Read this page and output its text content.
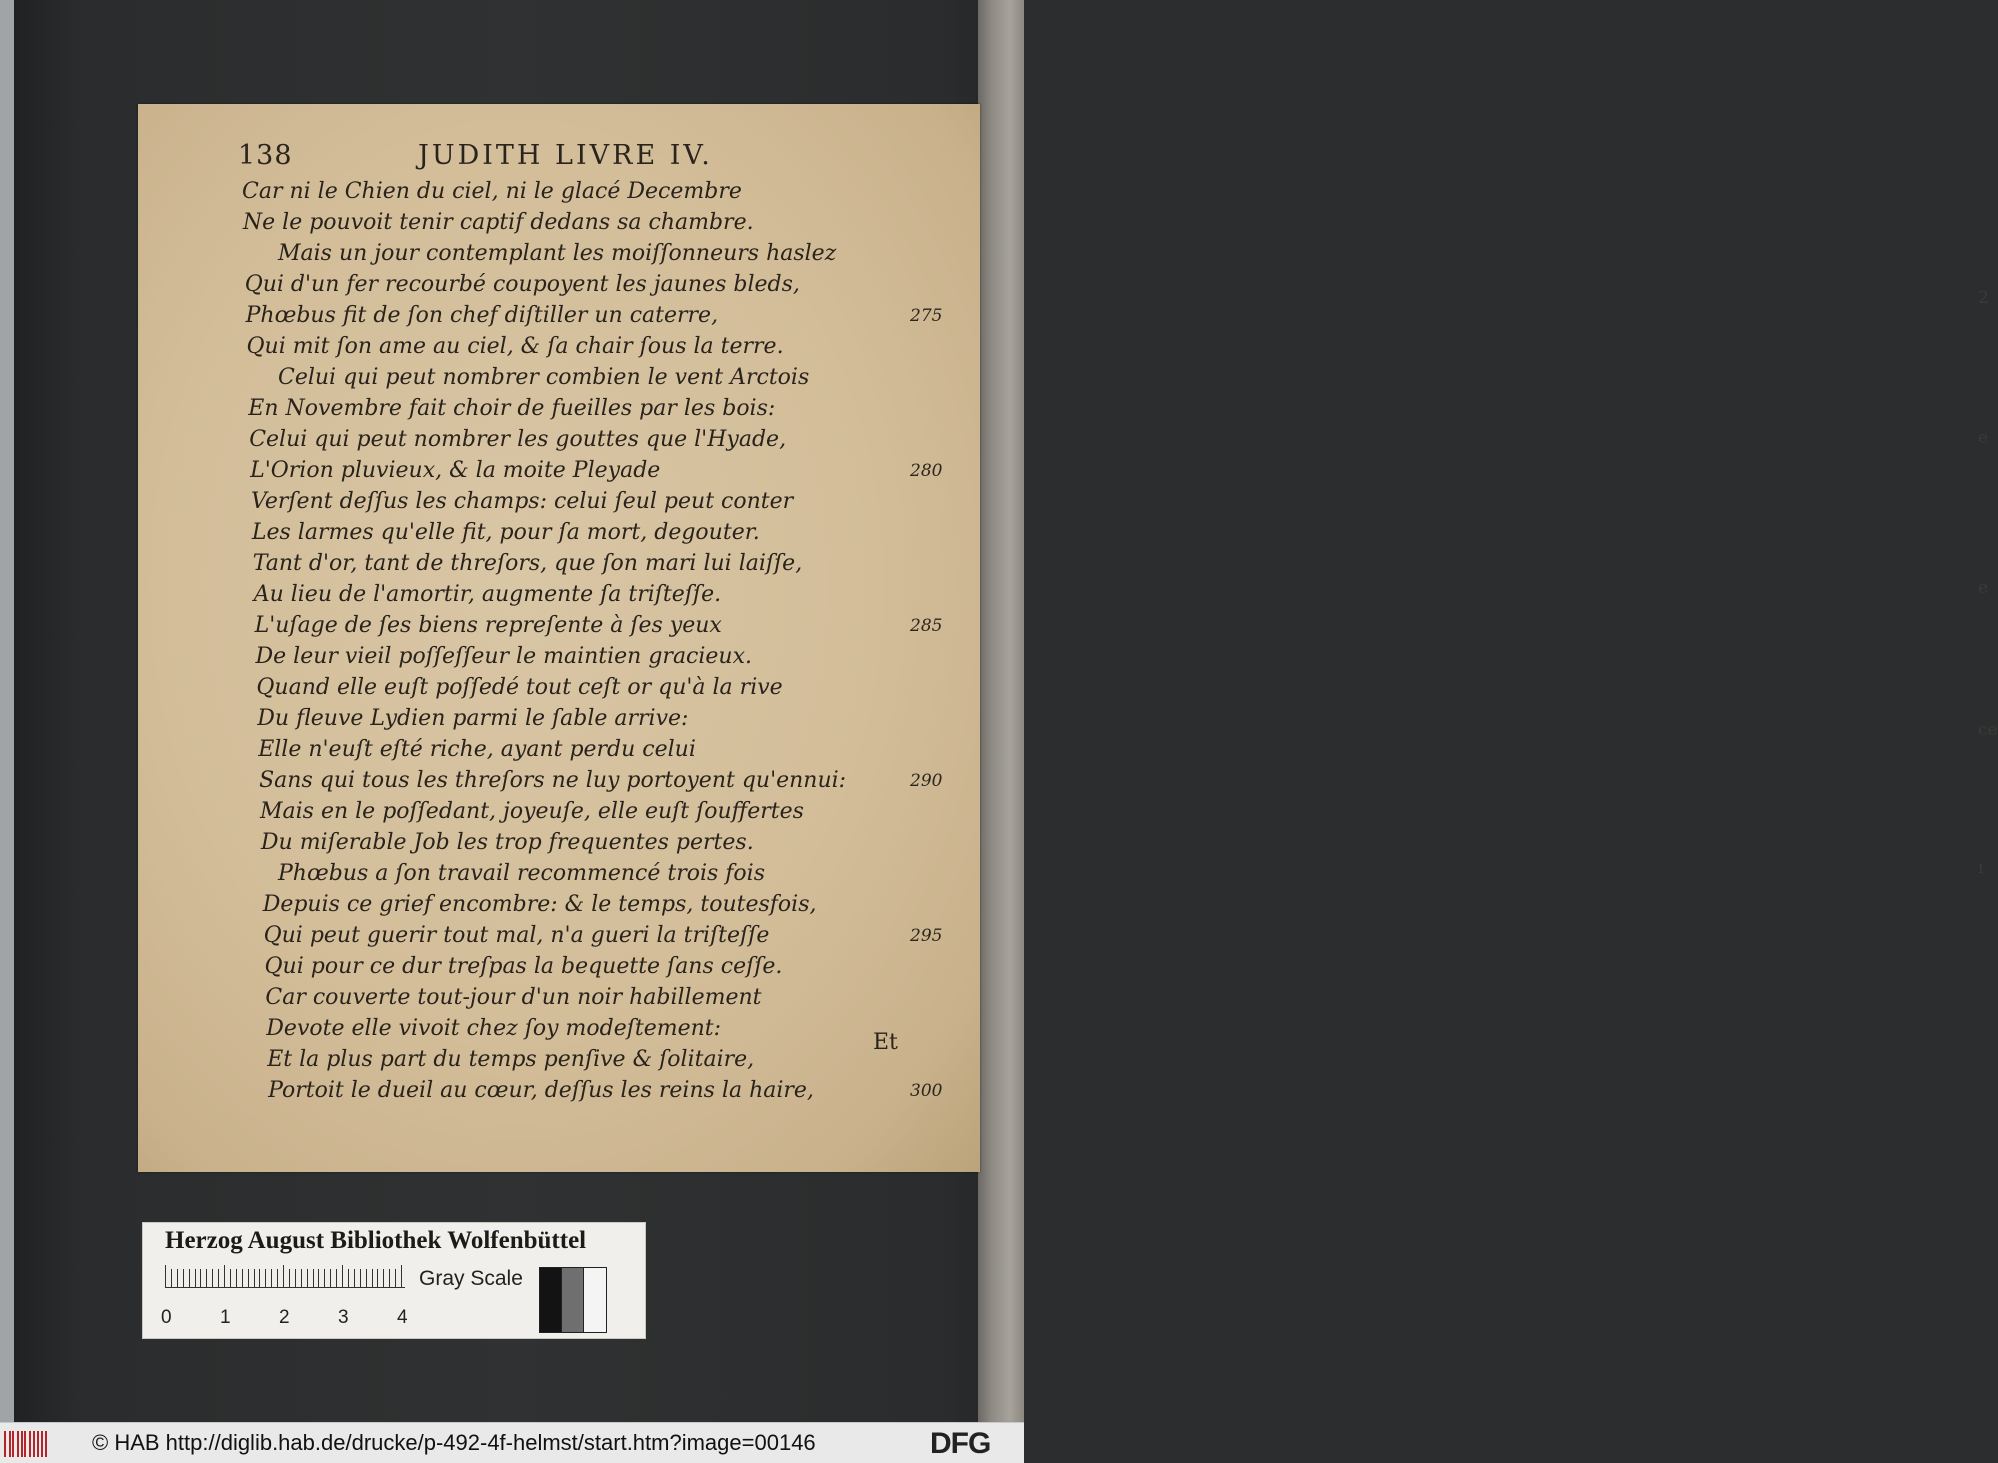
2
e
e
ce
ı
138	JUDITH LIVRE IV.
Car ni le Chien du ciel, ni le glacé Decembre
Ne le pouvoit tenir captif dedans sa chambre.
Mais un jour contemplant les moiſſonneurs haslez
Qui d'un fer recourbé coupoyent les jaunes bleds,
Phœbus fit de ſon chef diſtiller un caterre,
Qui mit ſon ame au ciel, & ſa chair ſous la terre.
Celui qui peut nombrer combien le vent Arctois
En Novembre fait choir de fueilles par les bois:
Celui qui peut nombrer les gouttes que l'Hyade,
L'Orion pluvieux, & la moite Pleyade
Verſent deſſus les champs: celui ſeul peut conter
Les larmes qu'elle fit, pour ſa mort, degouter.
Tant d'or, tant de threſors, que ſon mari lui laiſſe,
Au lieu de l'amortir, augmente ſa triſteſſe.
L'uſage de ſes biens repreſente à ſes yeux
De leur vieil poſſeſſeur le maintien gracieux.
Quand elle euſt poſſedé tout ceſt or qu'à la rive
Du fleuve Lydien parmi le ſable arrive:
Elle n'euſt eſté riche, ayant perdu celui
Sans qui tous les threſors ne luy portoyent qu'ennui:
Mais en le poſſedant, joyeuſe, elle euſt ſouffertes
Du miſerable Job les trop frequentes pertes.
Phœbus a ſon travail recommencé trois fois
Depuis ce grief encombre: & le temps, toutesfois,
Qui peut guerir tout mal, n'a gueri la triſteſſe
Qui pour ce dur treſpas la bequette ſans ceſſe.
Car couverte tout-jour d'un noir habillement
Devote elle vivoit chez ſoy modeſtement:
Et la plus part du temps penſive & ſolitaire,
Portoit le dueil au cœur, deſſus les reins la haire,
275
280
285
290
295
300
Et
Herzog August Bibliothek Wolfenbüttel
0	1	2	3	4
Gray Scale
© HAB http://diglib.hab.de/drucke/p-492-4f-helmst/start.htm?image=00146	DFG
